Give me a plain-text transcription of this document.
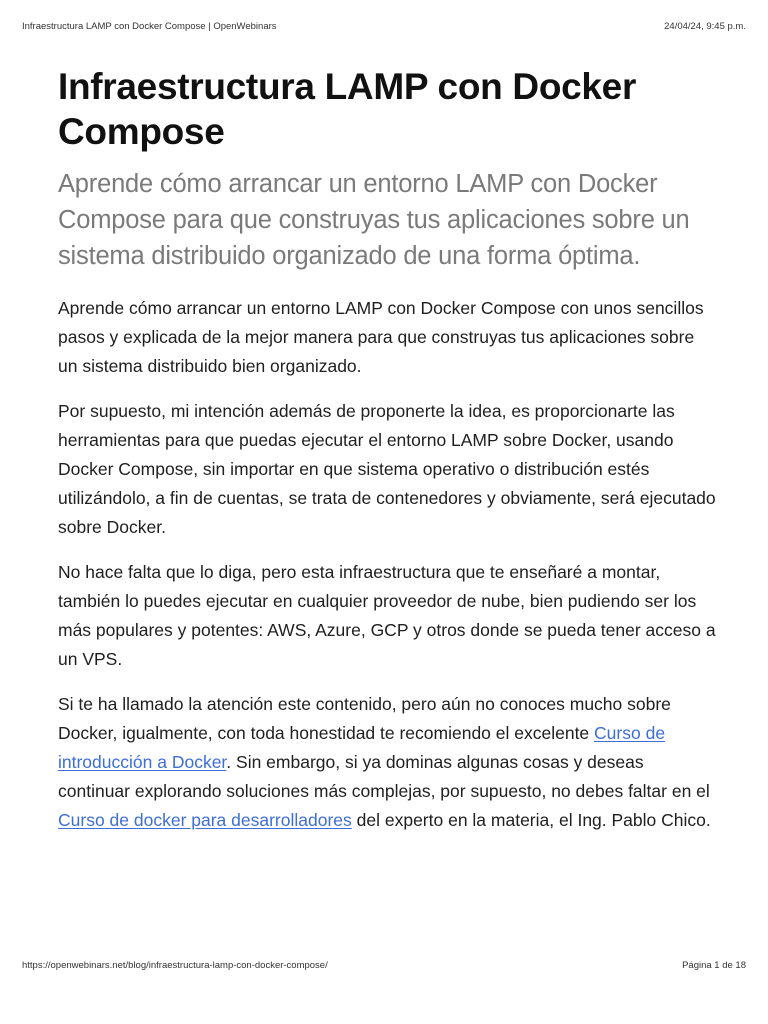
Infraestructura LAMP con Docker Compose | OpenWebinars	24/04/24, 9:45 p.m.
Infraestructura LAMP con Docker Compose

Aprende cómo arrancar un entorno LAMP con Docker Compose para que construyas tus aplicaciones sobre un sistema distribuido organizado de una forma óptima.

Aprende cómo arrancar un entorno LAMP con Docker Compose con unos sencillos pasos y explicada de la mejor manera para que construyas tus aplicaciones sobre un sistema distribuido bien organizado.

Por supuesto, mi intención además de proponerte la idea, es proporcionarte las herramientas para que puedas ejecutar el entorno LAMP sobre Docker, usando Docker Compose, sin importar en que sistema operativo o distribución estés utilizándolo, a fin de cuentas, se trata de contenedores y obviamente, será ejecutado sobre Docker.

No hace falta que lo diga, pero esta infraestructura que te enseñaré a montar, también lo puedes ejecutar en cualquier proveedor de nube, bien pudiendo ser los más populares y potentes: AWS, Azure, GCP y otros donde se pueda tener acceso a un VPS.

Si te ha llamado la atención este contenido, pero aún no conoces mucho sobre Docker, igualmente, con toda honestidad te recomiendo el excelente Curso de introducción a Docker. Sin embargo, si ya dominas algunas cosas y deseas continuar explorando soluciones más complejas, por supuesto, no debes faltar en el Curso de docker para desarrolladores del experto en la materia, el Ing. Pablo Chico.

https://openwebinars.net/blog/infraestructura-lamp-con-docker-compose/	Página 1 de 18
